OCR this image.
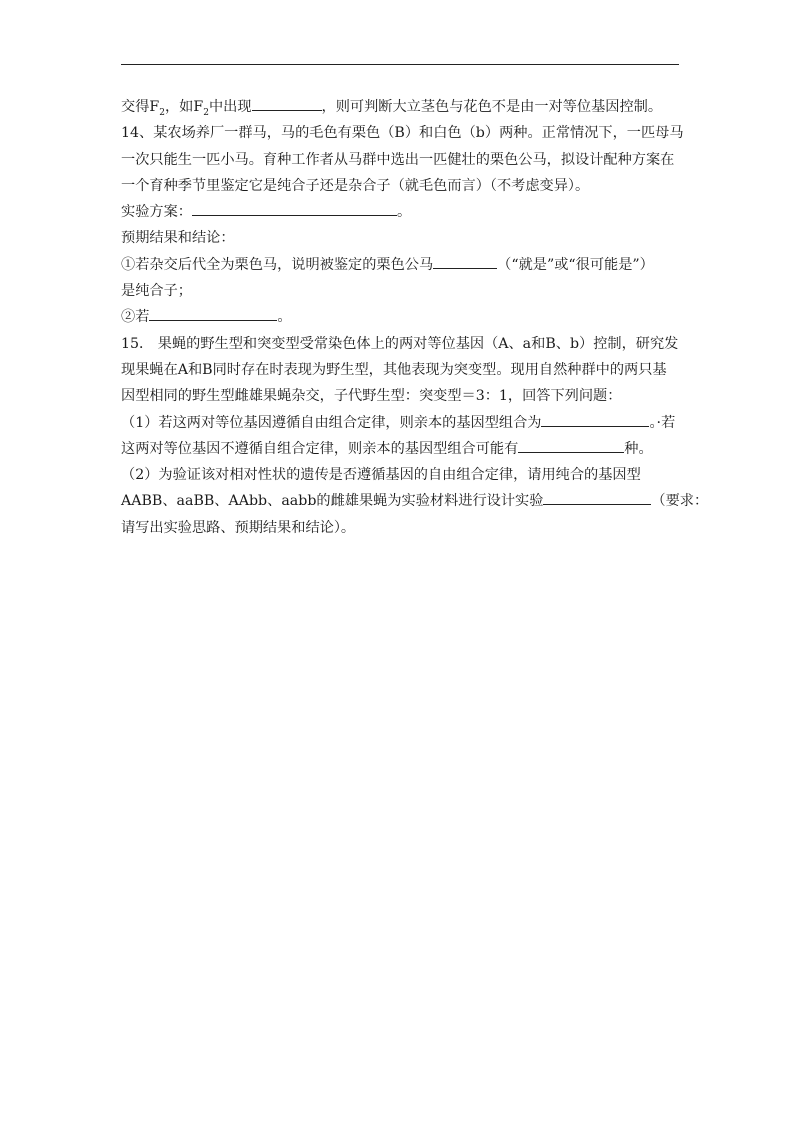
交得$F_2$，如$F_2$中出现	，则可判断大立茎色与花色不是由一对等位基因控制。
14、某农场养厂一群马，马的毛色有栗色（B）和白色（b）两种。正常情况下，一匹母马
一次只能生一匹小马。育种工作者从马群中选出一匹健壮的栗色公马，拟设计配种方案在
一个育种季节里鉴定它是纯合子还是杂合子（就毛色而言）（不考虑变异）。
实验方案：	。
预期结果和结论：
①若杂交后代全为栗色马，说明被鉴定的栗色公马	（“就是”或“很可能是”）
是纯合子；
②若	。
15． 果蝇的野生型和突变型受常染色体上的两对等位基因（A、a和B、b）控制，研究发
现果蝇在A和B同时存在时表现为野生型，其他表现为突变型。现用自然种群中的两只基
因型相同的野生型雌雄果蝇杂交，子代野生型：突变型＝3：1，回答下列问题：
（1）若这两对等位基因遵循自由组合定律，则亲本的基因型组合为	。·若
这两对等位基因不遵循自组合定律，则亲本的基因型组合可能有	种。
（2）为验证该对相对性状的遗传是否遵循基因的自由组合定律，请用纯合的基因型
AABB、aaBB、AAbb、aabb的雌雄果蝇为实验材料进行设计实验	（要求：
请写出实验思路、预期结果和结论）。
